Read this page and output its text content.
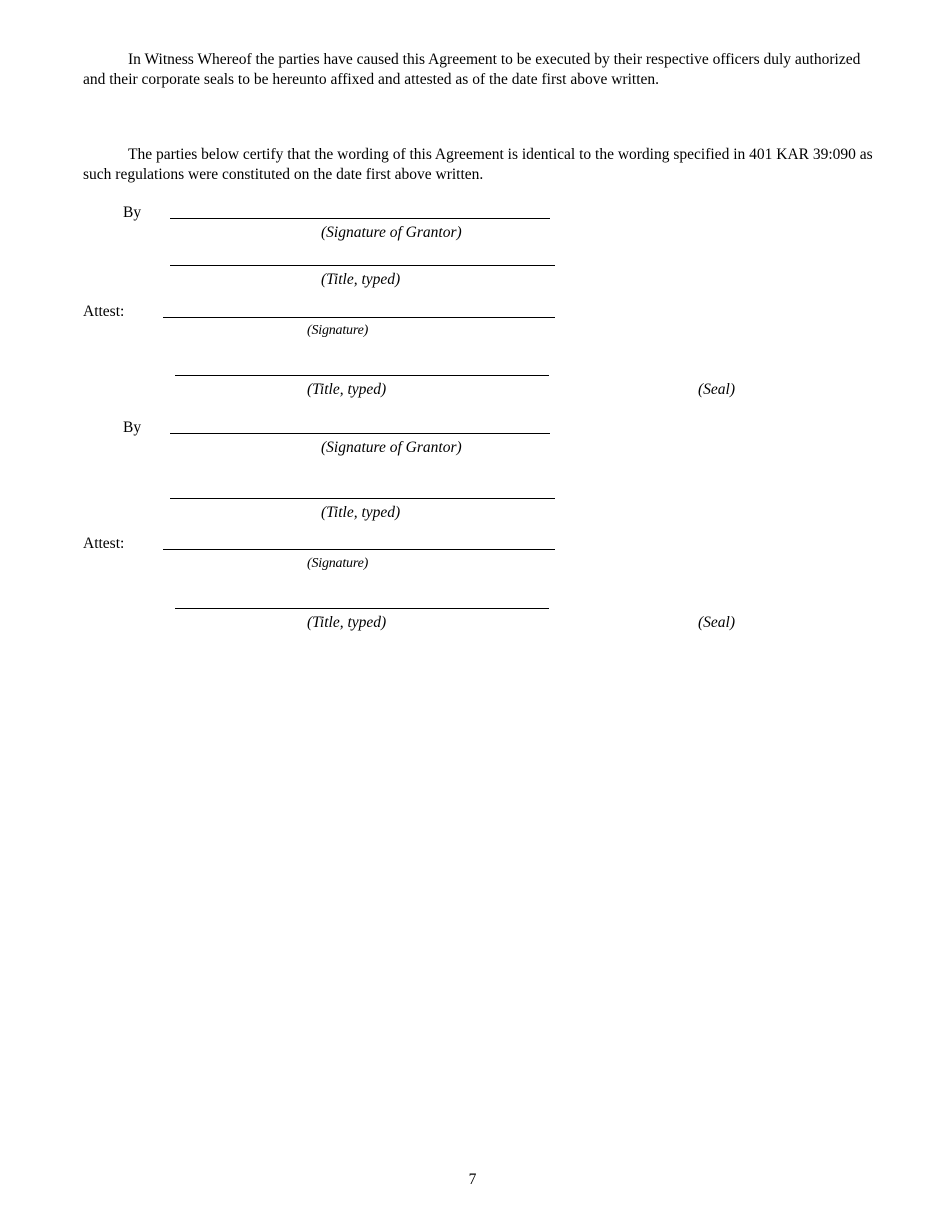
In Witness Whereof the parties have caused this Agreement to be executed by their respective officers duly authorized and their corporate seals to be hereunto affixed and attested as of the date first above written.
The parties below certify that the wording of this Agreement is identical to the wording specified in 401 KAR 39:090 as such regulations were constituted on the date first above written.
By
(Signature of Grantor)
(Title, typed)
Attest:
(Signature)
(Title, typed)	(Seal)
By
(Signature of Grantor)
(Title, typed)
Attest:
(Signature)
(Title, typed)	(Seal)
7
